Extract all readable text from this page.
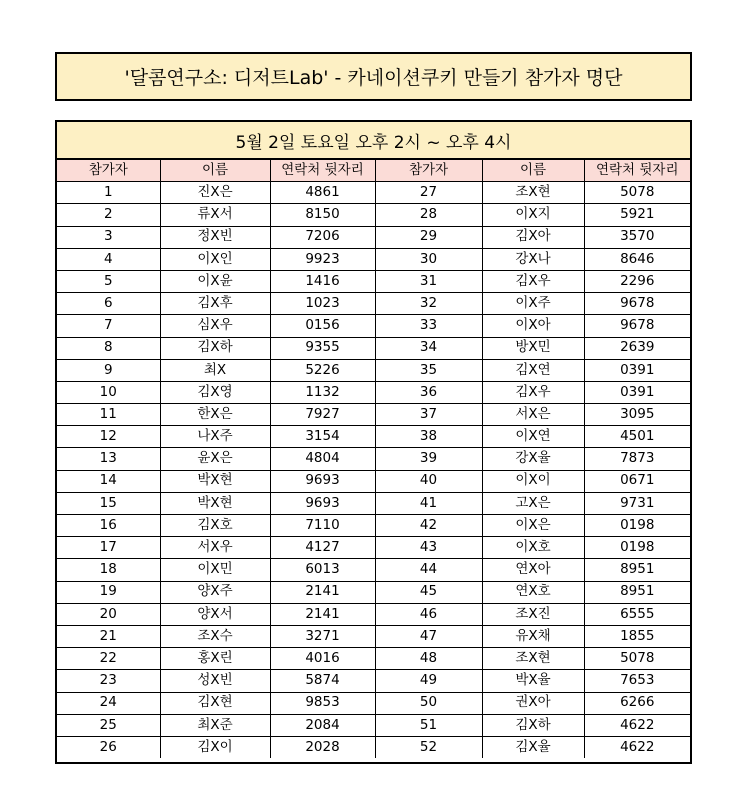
'달콤연구소: 디저트Lab' - 카네이션쿠키 만들기 참가자 명단
5월 2일 토요일 오후 2시 ~ 오후 4시
참가자	이름	연락처 뒷자리	참가자	이름	연락처 뒷자리
1	진X은	4861	27	조X현	5078
2	류X서	8150	28	이X지	5921
3	정X빈	7206	29	김X아	3570
4	이X인	9923	30	강X나	8646
5	이X윤	1416	31	김X우	2296
6	김X후	1023	32	이X주	9678
7	심X우	0156	33	이X아	9678
8	김X하	9355	34	방X민	2639
9	최X	5226	35	김X연	0391
10	김X영	1132	36	김X우	0391
11	한X은	7927	37	서X은	3095
12	나X주	3154	38	이X연	4501
13	윤X은	4804	39	강X율	7873
14	박X현	9693	40	이X이	0671
15	박X현	9693	41	고X은	9731
16	김X호	7110	42	이X은	0198
17	서X우	4127	43	이X호	0198
18	이X민	6013	44	연X아	8951
19	양X주	2141	45	연X호	8951
20	양X서	2141	46	조X진	6555
21	조X수	3271	47	유X채	1855
22	홍X린	4016	48	조X현	5078
23	성X빈	5874	49	박X율	7653
24	김X현	9853	50	권X아	6266
25	최X준	2084	51	김X하	4622
26	김X이	2028	52	김X율	4622
